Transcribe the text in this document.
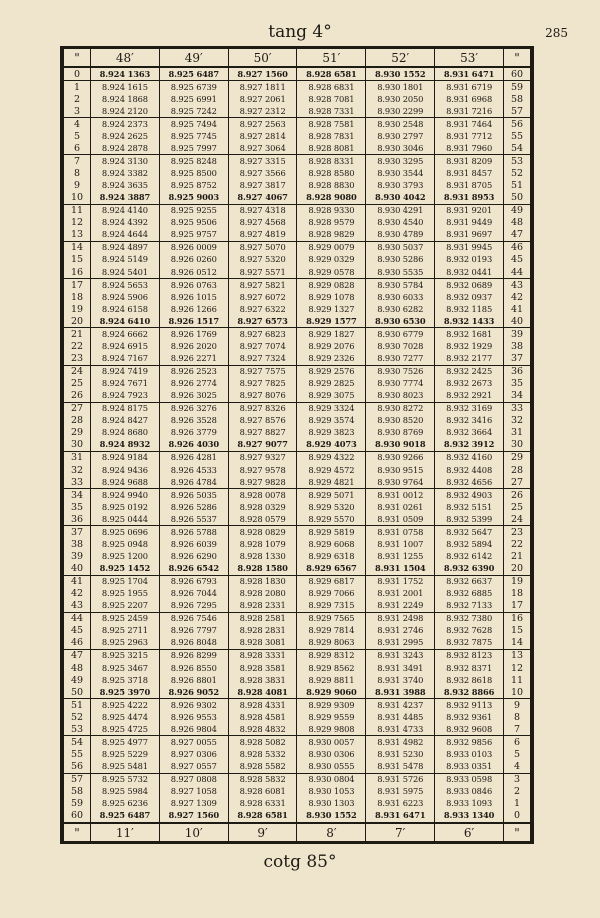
tang 4°	285
"	48′	49′	50′	51′	52′	53′	"
0	8.924 1363	8.925 6487	8.927 1560	8.928 6581	8.930 1552	8.931 6471	60
1	8.924 1615	8.925 6739	8.927 1811	8.928 6831	8.930 1801	8.931 6719	59
2	8.924 1868	8.925 6991	8.927 2061	8.928 7081	8.930 2050	8.931 6968	58
3	8.924 2120	8.925 7242	8.927 2312	8.928 7331	8.930 2299	8.931 7216	57
4	8.924 2373	8.925 7494	8.927 2563	8.928 7581	8.930 2548	8.931 7464	56
5	8.924 2625	8.925 7745	8.927 2814	8.928 7831	8.930 2797	8.931 7712	55
6	8.924 2878	8.925 7997	8.927 3064	8.928 8081	8.930 3046	8.931 7960	54
7	8.924 3130	8.925 8248	8.927 3315	8.928 8331	8.930 3295	8.931 8209	53
8	8.924 3382	8.925 8500	8.927 3566	8.928 8580	8.930 3544	8.931 8457	52
9	8.924 3635	8.925 8752	8.927 3817	8.928 8830	8.930 3793	8.931 8705	51
10	8.924 3887	8.925 9003	8.927 4067	8.928 9080	8.930 4042	8.931 8953	50
11	8.924 4140	8.925 9255	8.927 4318	8.928 9330	8.930 4291	8.931 9201	49
12	8.924 4392	8.925 9506	8.927 4568	8.928 9579	8.930 4540	8.931 9449	48
13	8.924 4644	8.925 9757	8.927 4819	8.928 9829	8.930 4789	8.931 9697	47
14	8.924 4897	8.926 0009	8.927 5070	8.929 0079	8.930 5037	8.931 9945	46
15	8.924 5149	8.926 0260	8.927 5320	8.929 0329	8.930 5286	8.932 0193	45
16	8.924 5401	8.926 0512	8.927 5571	8.929 0578	8.930 5535	8.932 0441	44
17	8.924 5653	8.926 0763	8.927 5821	8.929 0828	8.930 5784	8.932 0689	43
18	8.924 5906	8.926 1015	8.927 6072	8.929 1078	8.930 6033	8.932 0937	42
19	8.924 6158	8.926 1266	8.927 6322	8.929 1327	8.930 6282	8.932 1185	41
20	8.924 6410	8.926 1517	8.927 6573	8.929 1577	8.930 6530	8.932 1433	40
21	8.924 6662	8.926 1769	8.927 6823	8.929 1827	8.930 6779	8.932 1681	39
22	8.924 6915	8.926 2020	8.927 7074	8.929 2076	8.930 7028	8.932 1929	38
23	8.924 7167	8.926 2271	8.927 7324	8.929 2326	8.930 7277	8.932 2177	37
24	8.924 7419	8.926 2523	8.927 7575	8.929 2576	8.930 7526	8.932 2425	36
25	8.924 7671	8.926 2774	8.927 7825	8.929 2825	8.930 7774	8.932 2673	35
26	8.924 7923	8.926 3025	8.927 8076	8.929 3075	8.930 8023	8.932 2921	34
27	8.924 8175	8.926 3276	8.927 8326	8.929 3324	8.930 8272	8.932 3169	33
28	8.924 8427	8.926 3528	8.927 8576	8.929 3574	8.930 8520	8.932 3416	32
29	8.924 8680	8.926 3779	8.927 8827	8.929 3823	8.930 8769	8.932 3664	31
30	8.924 8932	8.926 4030	8.927 9077	8.929 4073	8.930 9018	8.932 3912	30
31	8.924 9184	8.926 4281	8.927 9327	8.929 4322	8.930 9266	8.932 4160	29
32	8.924 9436	8.926 4533	8.927 9578	8.929 4572	8.930 9515	8.932 4408	28
33	8.924 9688	8.926 4784	8.927 9828	8.929 4821	8.930 9764	8.932 4656	27
34	8.924 9940	8.926 5035	8.928 0078	8.929 5071	8.931 0012	8.932 4903	26
35	8.925 0192	8.926 5286	8.928 0329	8.929 5320	8.931 0261	8.932 5151	25
36	8.925 0444	8.926 5537	8.928 0579	8.929 5570	8.931 0509	8.932 5399	24
37	8.925 0696	8.926 5788	8.928 0829	8.929 5819	8.931 0758	8.932 5647	23
38	8.925 0948	8.926 6039	8.928 1079	8.929 6068	8.931 1007	8.932 5894	22
39	8.925 1200	8.926 6290	8.928 1330	8.929 6318	8.931 1255	8.932 6142	21
40	8.925 1452	8.926 6542	8.928 1580	8.929 6567	8.931 1504	8.932 6390	20
41	8.925 1704	8.926 6793	8.928 1830	8.929 6817	8.931 1752	8.932 6637	19
42	8.925 1955	8.926 7044	8.928 2080	8.929 7066	8.931 2001	8.932 6885	18
43	8.925 2207	8.926 7295	8.928 2331	8.929 7315	8.931 2249	8.932 7133	17
44	8.925 2459	8.926 7546	8.928 2581	8.929 7565	8.931 2498	8.932 7380	16
45	8.925 2711	8.926 7797	8.928 2831	8.929 7814	8.931 2746	8.932 7628	15
46	8.925 2963	8.926 8048	8.928 3081	8.929 8063	8.931 2995	8.932 7875	14
47	8.925 3215	8.926 8299	8.928 3331	8.929 8312	8.931 3243	8.932 8123	13
48	8.925 3467	8.926 8550	8.928 3581	8.929 8562	8.931 3491	8.932 8371	12
49	8.925 3718	8.926 8801	8.928 3831	8.929 8811	8.931 3740	8.932 8618	11
50	8.925 3970	8.926 9052	8.928 4081	8.929 9060	8.931 3988	8.932 8866	10
51	8.925 4222	8.926 9302	8.928 4331	8.929 9309	8.931 4237	8.932 9113	9
52	8.925 4474	8.926 9553	8.928 4581	8.929 9559	8.931 4485	8.932 9361	8
53	8.925 4725	8.926 9804	8.928 4832	8.929 9808	8.931 4733	8.932 9608	7
54	8.925 4977	8.927 0055	8.928 5082	8.930 0057	8.931 4982	8.932 9856	6
55	8.925 5229	8.927 0306	8.928 5332	8.930 0306	8.931 5230	8.933 0103	5
56	8.925 5481	8.927 0557	8.928 5582	8.930 0555	8.931 5478	8.933 0351	4
57	8.925 5732	8.927 0808	8.928 5832	8.930 0804	8.931 5726	8.933 0598	3
58	8.925 5984	8.927 1058	8.928 6081	8.930 1053	8.931 5975	8.933 0846	2
59	8.925 6236	8.927 1309	8.928 6331	8.930 1303	8.931 6223	8.933 1093	1
60	8.925 6487	8.927 1560	8.928 6581	8.930 1552	8.931 6471	8.933 1340	0
"	11′	10′	9′	8′	7′	6′	"
cotg 85°
